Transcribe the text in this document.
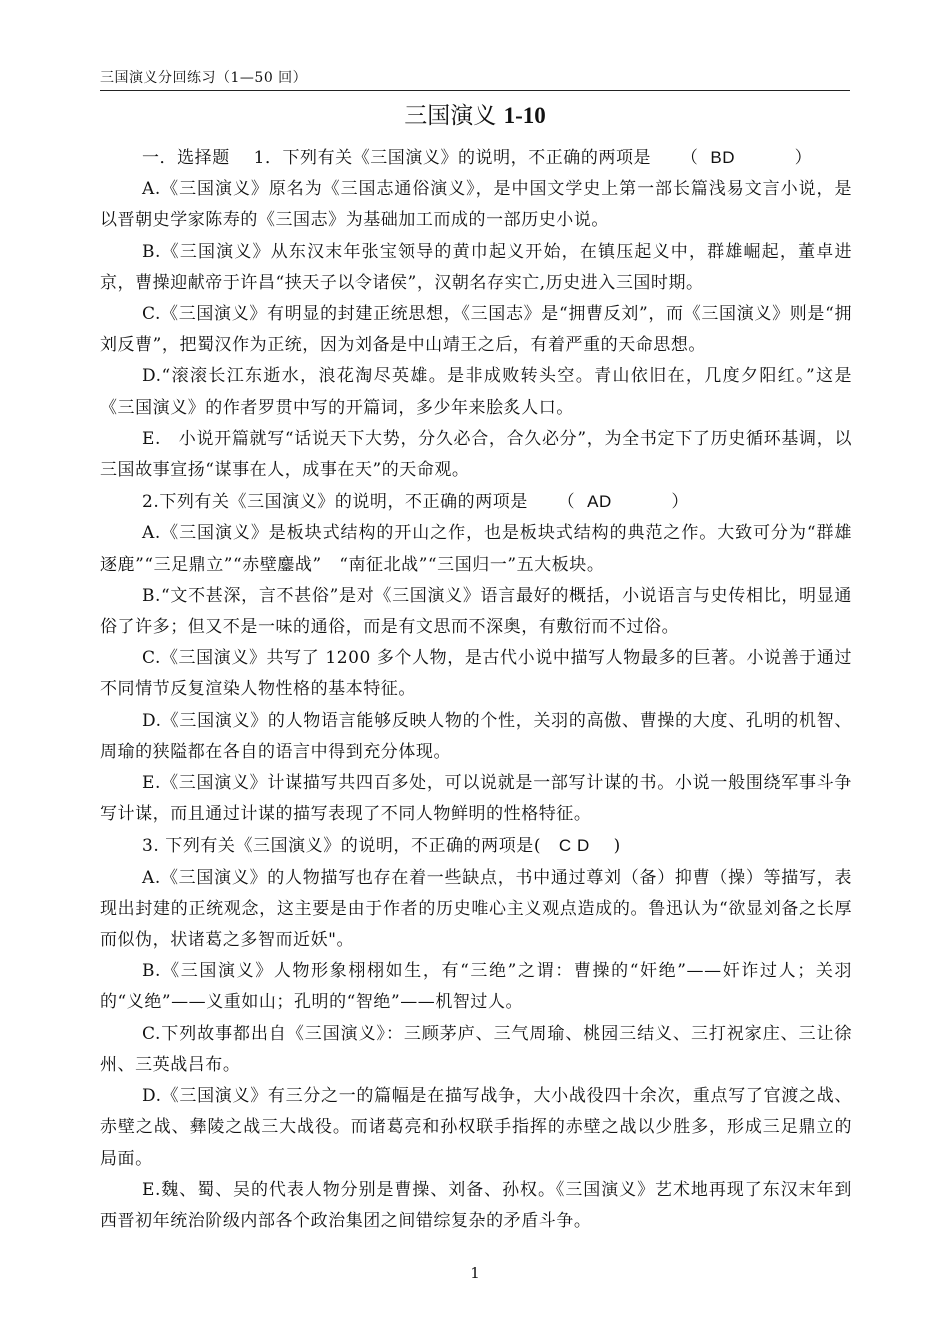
三国演义分回练习（1—50 回）
三国演义 1-10

一．选择题 1．下列有关《三国演义》的说明，不正确的两项是 （ BD	）

A.《三国演义》原名为《三国志通俗演义》，是中国文学史上第一部长篇浅易文言小说，是以晋朝史学家陈寿的《三国志》为基础加工而成的一部历史小说。

B.《三国演义》从东汉末年张宝领导的黄巾起义开始，在镇压起义中，群雄崛起，董卓进京，曹操迎献帝于许昌“挟天子以令诸侯”，汉朝名存实亡,历史进入三国时期。

C.《三国演义》有明显的封建正统思想，《三国志》是“拥曹反刘”，而《三国演义》则是“拥刘反曹”，把蜀汉作为正统，因为刘备是中山靖王之后，有着严重的天命思想。

D.“滚滚长江东逝水，浪花淘尽英雄。是非成败转头空。青山依旧在，几度夕阳红。”这是《三国演义》的作者罗贯中写的开篇词，多少年来脍炙人口。

E.　小说开篇就写“话说天下大势，分久必合，合久必分”，为全书定下了历史循环基调，以三国故事宣扬“谋事在人，成事在天”的天命观。

2.下列有关《三国演义》的说明，不正确的两项是 （ AD	）

A.《三国演义》是板块式结构的开山之作，也是板块式结构的典范之作。大致可分为“群雄逐鹿”“三足鼎立”“赤壁鏖战”　“南征北战”“三国归一”五大板块。

B.“文不甚深，言不甚俗”是对《三国演义》语言最好的概括，小说语言与史传相比，明显通俗了许多；但又不是一味的通俗，而是有文思而不深奥，有敷衍而不过俗。

C.《三国演义》共写了 1200 多个人物，是古代小说中描写人物最多的巨著。小说善于通过不同情节反复渲染人物性格的基本特征。

D.《三国演义》的人物语言能够反映人物的个性，关羽的高傲、曹操的大度、孔明的机智、周瑜的狭隘都在各自的语言中得到充分体现。

E.《三国演义》计谋描写共四百多处，可以说就是一部写计谋的书。小说一般围绕军事斗争写计谋，而且通过计谋的描写表现了不同人物鲜明的性格特征。

3. 下列有关《三国演义》的说明，不正确的两项是( C D )

A.《三国演义》的人物描写也存在着一些缺点，书中通过尊刘（备）抑曹（操）等描写，表现出封建的正统观念，这主要是由于作者的历史唯心主义观点造成的。鲁迅认为“欲显刘备之长厚而似伪，状诸葛之多智而近妖"。

B.《三国演义》人物形象栩栩如生，有“三绝”之谓：曹操的“奸绝”——奸诈过人；关羽的“义绝”——义重如山；孔明的“智绝”——机智过人。

C.下列故事都出自《三国演义》：三顾茅庐、三气周瑜、桃园三结义、三打祝家庄、三让徐州、三英战吕布。

D.《三国演义》有三分之一的篇幅是在描写战争，大小战役四十余次，重点写了官渡之战、赤壁之战、彝陵之战三大战役。而诸葛亮和孙权联手指挥的赤壁之战以少胜多，形成三足鼎立的局面。

E.魏、蜀、吴的代表人物分别是曹操、刘备、孙权。《三国演义》艺术地再现了东汉末年到西晋初年统治阶级内部各个政治集团之间错综复杂的矛盾斗争。

1
